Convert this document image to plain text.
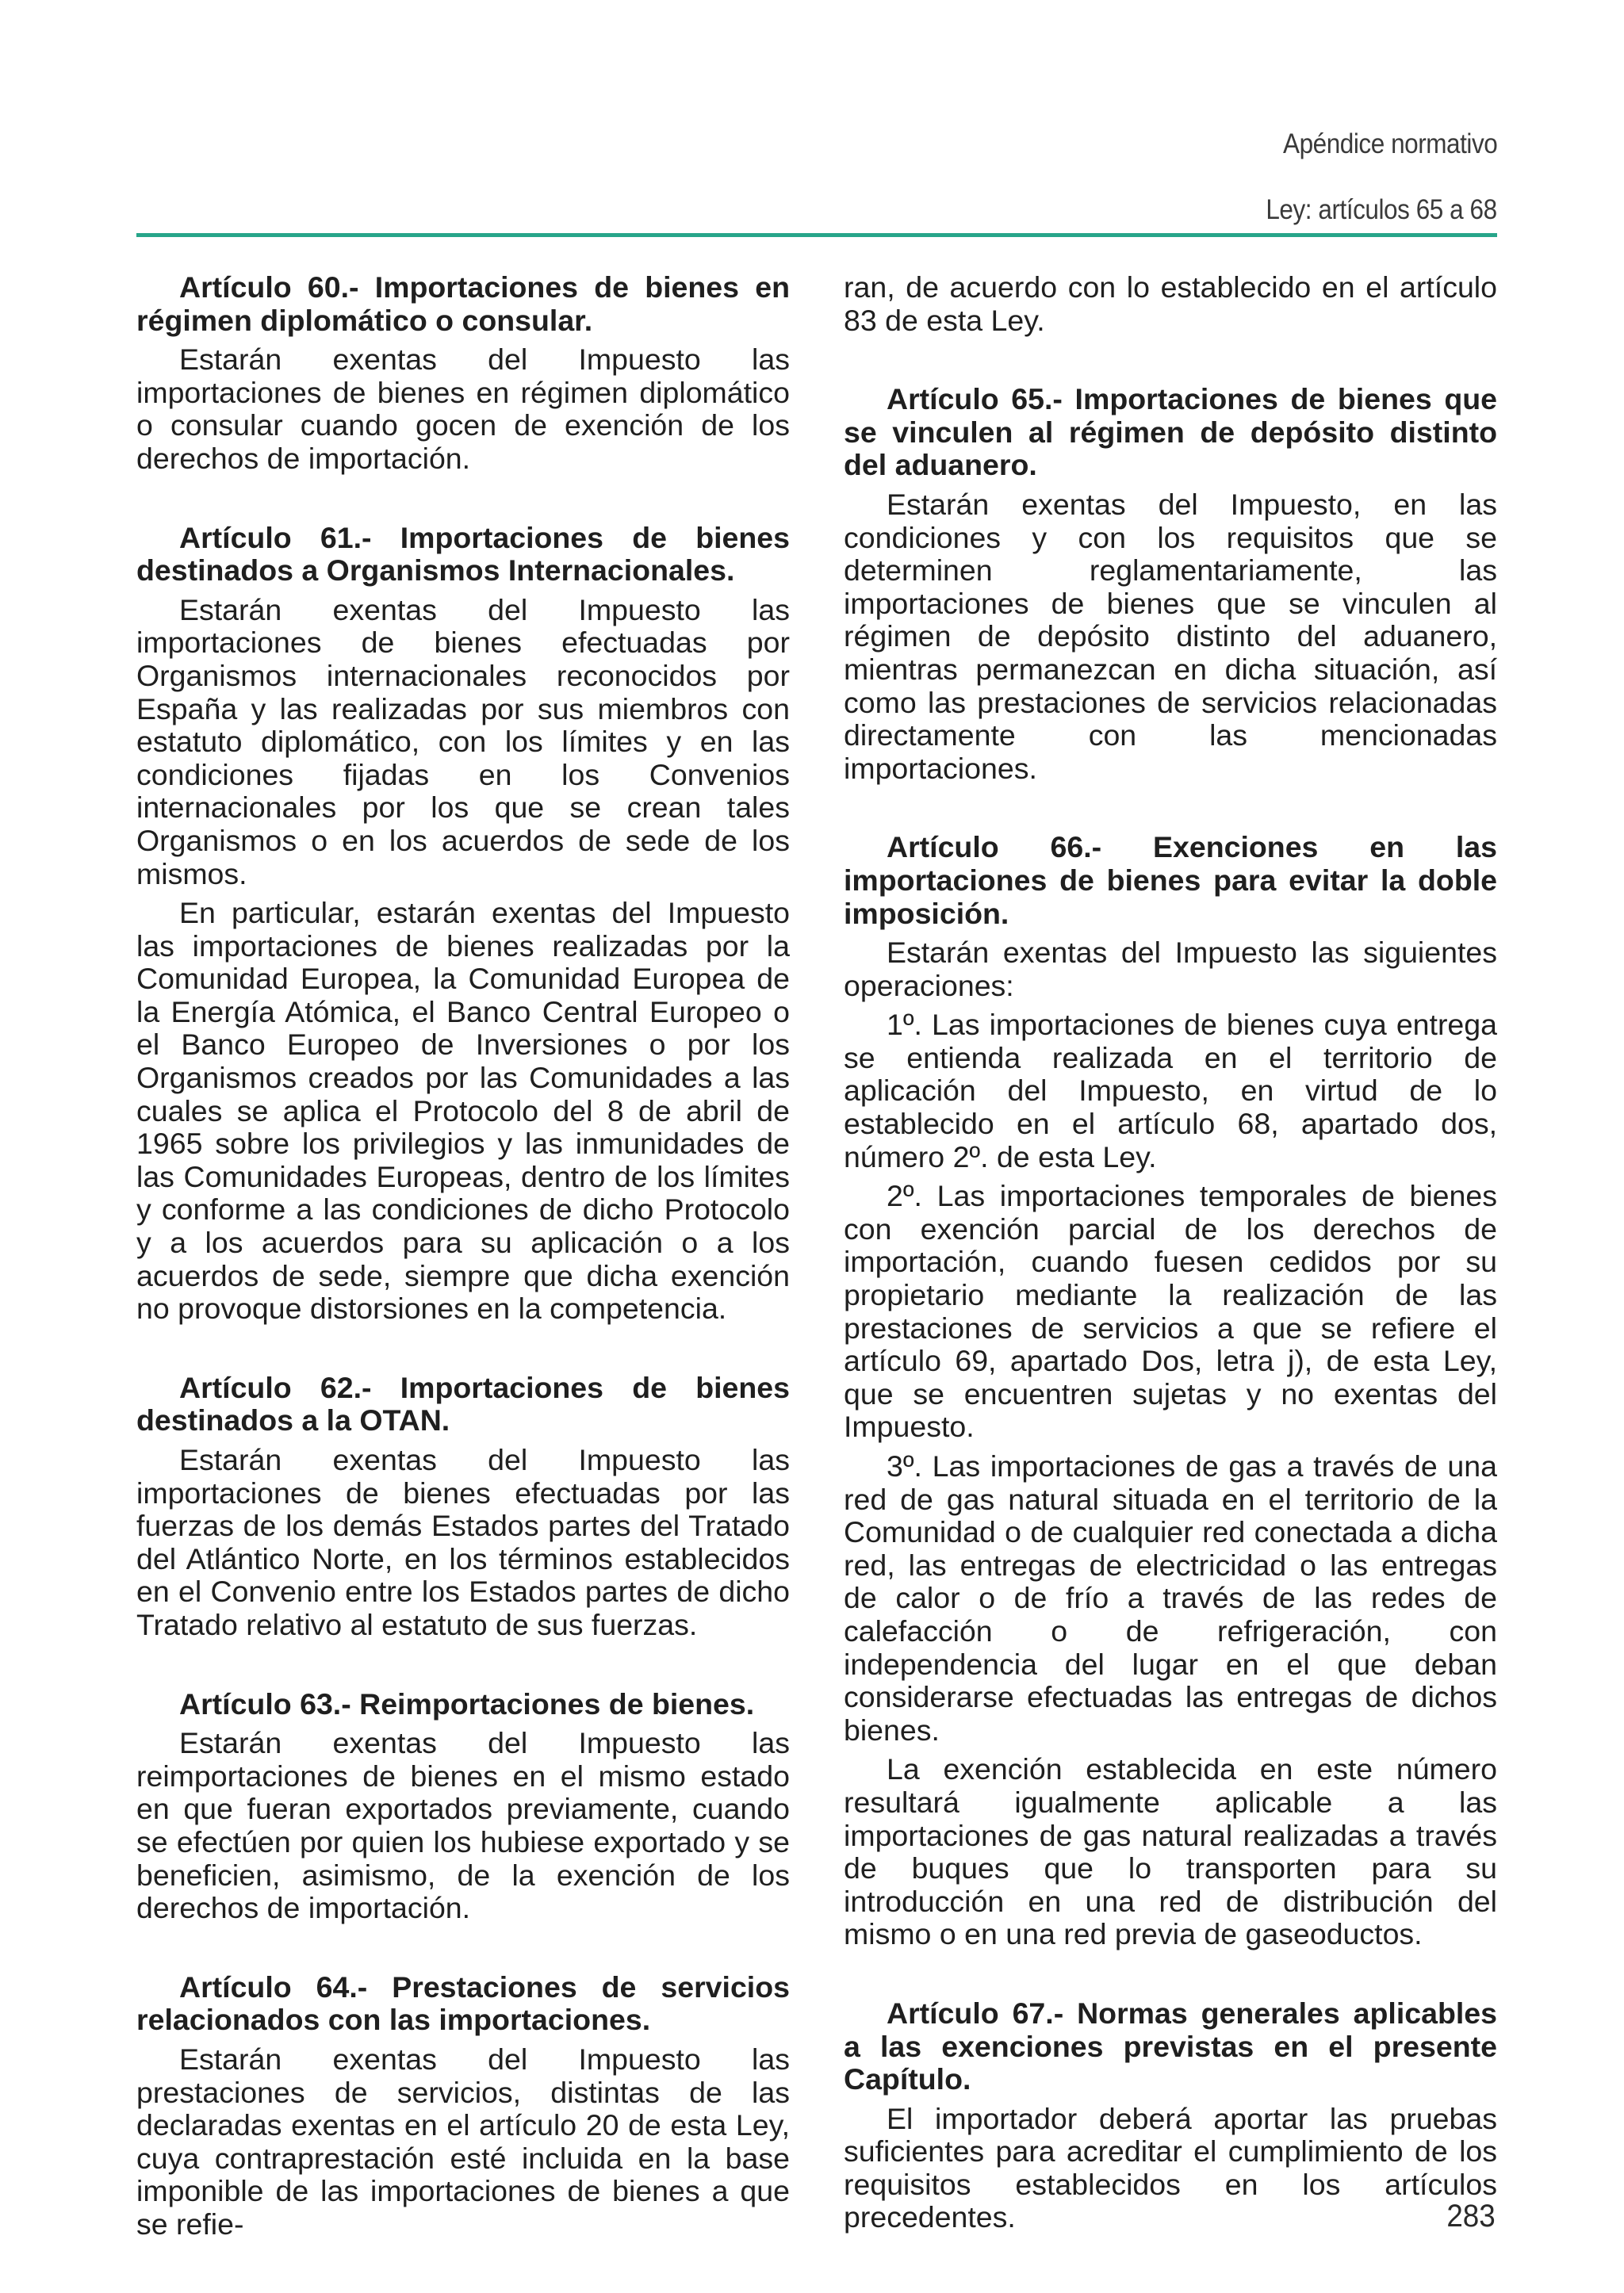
Apéndice normativo
Ley: artículos 65 a 68
Artículo 60.- Importaciones de bienes en régimen diplomático o consular.

Estarán exentas del Impuesto las importaciones de bienes en régimen diplomático o consular cuando gocen de exención de los derechos de importación.

Artículo 61.- Importaciones de bienes destinados a Organismos Internacionales.

Estarán exentas del Impuesto las importaciones de bienes efectuadas por Organismos internacionales reconocidos por España y las realizadas por sus miembros con estatuto diplomático, con los límites y en las condiciones fijadas en los Convenios internacionales por los que se crean tales Organismos o en los acuerdos de sede de los mismos.

En particular, estarán exentas del Impuesto las importaciones de bienes realizadas por la Comunidad Europea, la Comunidad Europea de la Energía Atómica, el Banco Central Europeo o el Banco Europeo de Inversiones o por los Organismos creados por las Comunidades a las cuales se aplica el Protocolo del 8 de abril de 1965 sobre los privilegios y las inmunidades de las Comunidades Europeas, dentro de los límites y conforme a las condiciones de dicho Protocolo y a los acuerdos para su aplicación o a los acuerdos de sede, siempre que dicha exención no provoque distorsiones en la competencia.

Artículo 62.- Importaciones de bienes destinados a la OTAN.

Estarán exentas del Impuesto las importaciones de bienes efectuadas por las fuerzas de los demás Estados partes del Tratado del Atlántico Norte, en los términos establecidos en el Convenio entre los Estados partes de dicho Tratado relativo al estatuto de sus fuerzas.

Artículo 63.- Reimportaciones de bienes.

Estarán exentas del Impuesto las reimportaciones de bienes en el mismo estado en que fueran exportados previamente, cuando se efectúen por quien los hubiese exportado y se beneficien, asimismo, de la exención de los derechos de importación.

Artículo 64.- Prestaciones de servicios relacionados con las importaciones.

Estarán exentas del Impuesto las prestaciones de servicios, distintas de las declaradas exentas en el artículo 20 de esta Ley, cuya contraprestación esté incluida en la base imponible de las importaciones de bienes a que se refie-

ran, de acuerdo con lo establecido en el artículo 83 de esta Ley.

Artículo 65.- Importaciones de bienes que se vinculen al régimen de depósito distinto del aduanero.

Estarán exentas del Impuesto, en las condiciones y con los requisitos que se determinen reglamentariamente, las importaciones de bienes que se vinculen al régimen de depósito distinto del aduanero, mientras permanezcan en dicha situación, así como las prestaciones de servicios relacionadas directamente con las mencionadas importaciones.

Artículo 66.- Exenciones en las importaciones de bienes para evitar la doble imposición.

Estarán exentas del Impuesto las siguientes operaciones:

1º. Las importaciones de bienes cuya entrega se entienda realizada en el territorio de aplicación del Impuesto, en virtud de lo establecido en el artículo 68, apartado dos, número 2º. de esta Ley.

2º. Las importaciones temporales de bienes con exención parcial de los derechos de importación, cuando fuesen cedidos por su propietario mediante la realización de las prestaciones de servicios a que se refiere el artículo 69, apartado Dos, letra j), de esta Ley, que se encuentren sujetas y no exentas del Impuesto.

3º. Las importaciones de gas a través de una red de gas natural situada en el territorio de la Comunidad o de cualquier red conectada a dicha red, las entregas de electricidad o las entregas de calor o de frío a través de las redes de calefacción o de refrigeración, con independencia del lugar en el que deban considerarse efectuadas las entregas de dichos bienes.

La exención establecida en este número resultará igualmente aplicable a las importaciones de gas natural realizadas a través de buques que lo transporten para su introducción en una red de distribución del mismo o en una red previa de gaseoductos.

Artículo 67.- Normas generales aplicables a las exenciones previstas en el presente Capítulo.

El importador deberá aportar las pruebas suficientes para acreditar el cumplimiento de los requisitos establecidos en los artículos precedentes.	283
